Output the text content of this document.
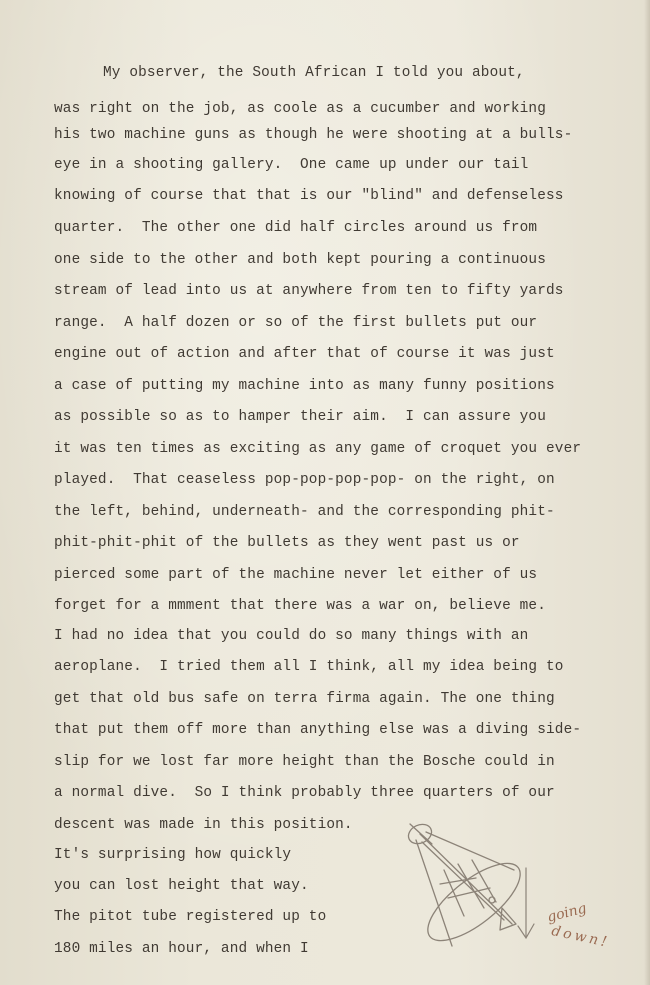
My observer, the South African I told you about,
was right on the job, as coole as a cucumber and working
his two machine guns as though he were shooting at a bulls-
eye in a shooting gallery.  One came up under our tail
knowing of course that that is our "blind" and defenseless
quarter.  The other one did half circles around us from
one side to the other and both kept pouring a continuous
stream of lead into us at anywhere from ten to fifty yards
range.  A half dozen or so of the first bullets put our
engine out of action and after that of course it was just
a case of putting my machine into as many funny positions
as possible so as to hamper their aim.  I can assure you
it was ten times as exciting as any game of croquet you ever
played.  That ceaseless pop-pop-pop-pop- on the right, on
the left, behind, underneath- and the corresponding phit-
phit-phit-phit of the bullets as they went past us or
pierced some part of the machine never let either of us
forget for a mmment that there was a war on, believe me.
I had no idea that you could do so many things with an
aeroplane.  I tried them all I think, all my idea being to
get that old bus safe on terra firma again. The one thing
that put them off more than anything else was a diving side-
slip for we lost far more height than the Bosche could in
a normal dive.  So I think probably three quarters of our
descent was made in this position.
It's surprising how quickly
you can lost height that way.
The pitot tube registered up to
180 miles an hour, and when I
going
down!
